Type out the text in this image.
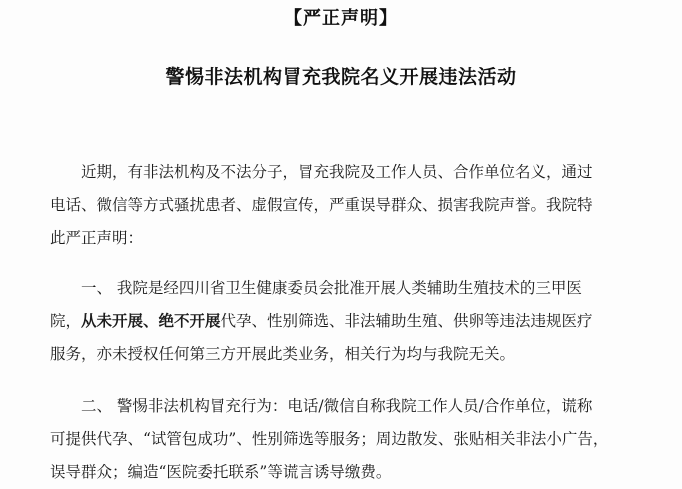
【严正声明】
警惕非法机构冒充我院名义开展违法活动
近期，有非法机构及不法分子，冒充我院及工作人员、合作单位名义，通过
电话、微信等方式骚扰患者、虚假宣传，严重误导群众、损害我院声誉。我院特
此严正声明：
一、 我院是经四川省卫生健康委员会批准开展人类辅助生殖技术的三甲医
院，从未开展、绝不开展代孕、性别筛选、非法辅助生殖、供卵等违法违规医疗
服务，亦未授权任何第三方开展此类业务，相关行为均与我院无关。
二、 警惕非法机构冒充行为：电话/微信自称我院工作人员/合作单位，谎称
可提供代孕、“试管包成功”、性别筛选等服务；周边散发、张贴相关非法小广告，
误导群众；编造“医院委托联系”等谎言诱导缴费。
